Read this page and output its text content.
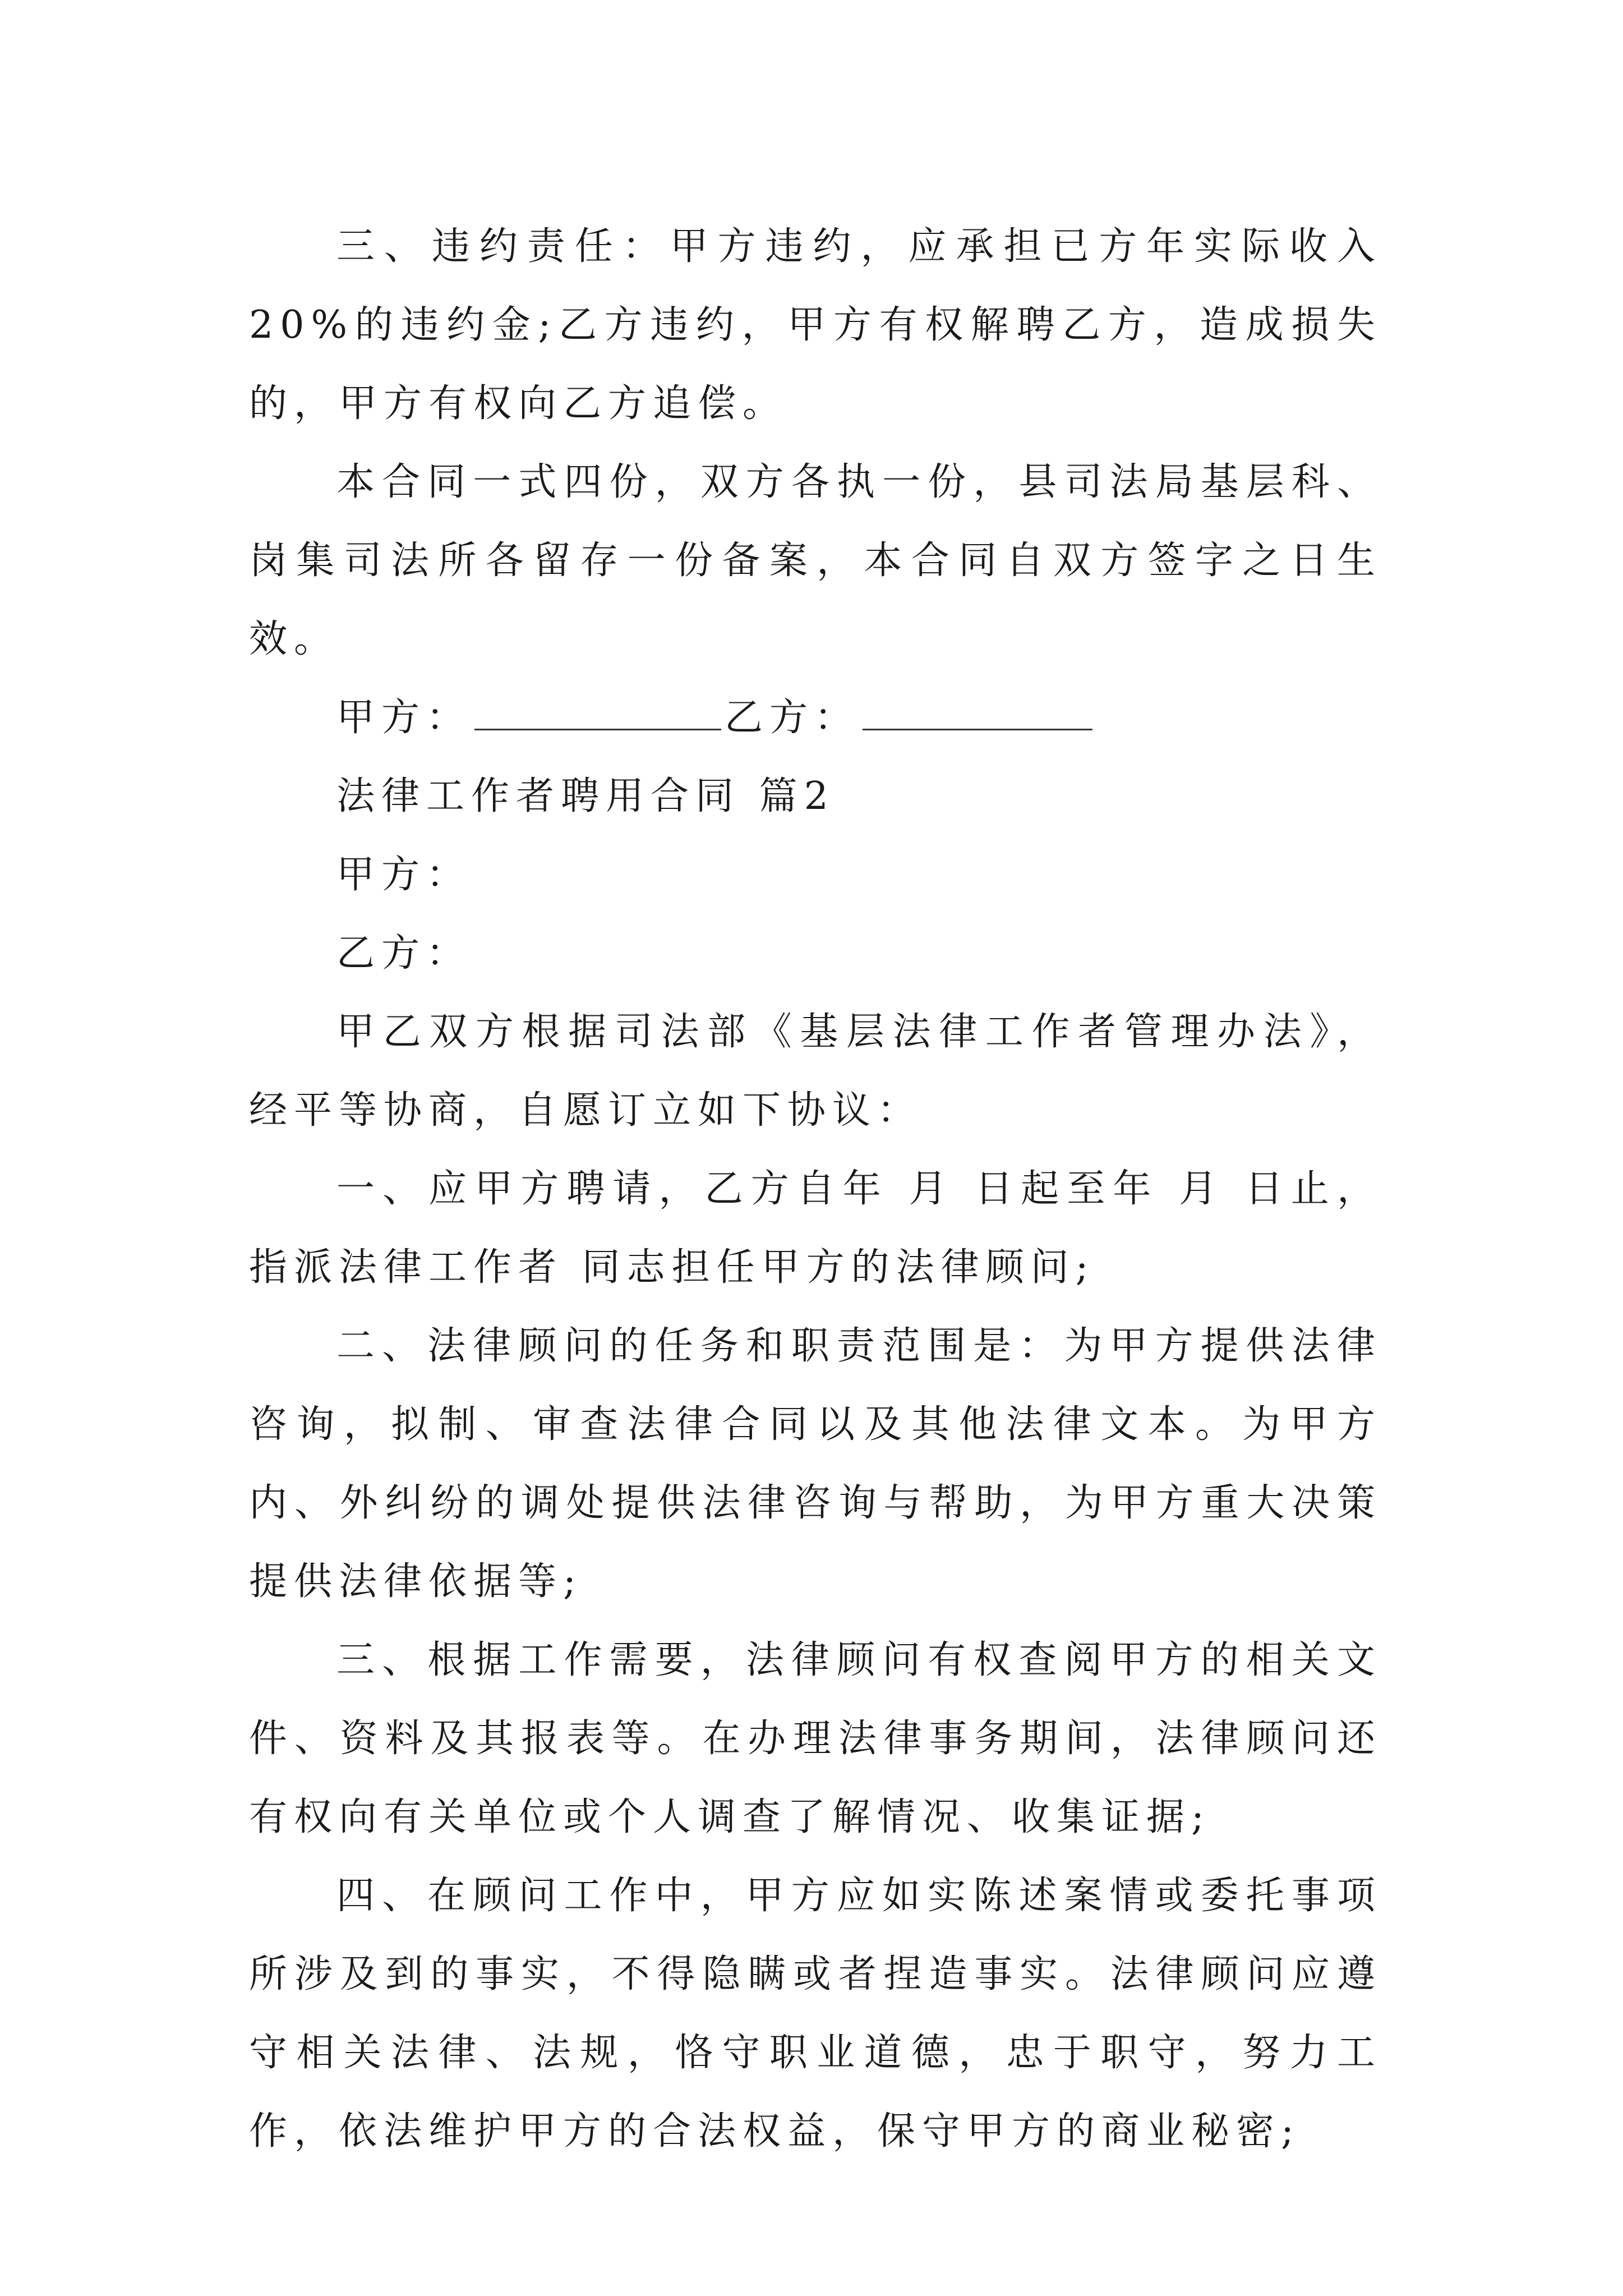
三、违约责任：甲方违约，应承担已方年实际收入20%的违约金;乙方违约，甲方有权解聘乙方，造成损失的，甲方有权向乙方追偿。

本合同一式四份，双方各执一份，县司法局基层科、岗集司法所各留存一份备案，本合同自双方签字之日生效。

甲方：	乙方：

法律工作者聘用合同 篇2

甲方：

乙方：

甲乙双方根据司法部《基层法律工作者管理办法》，经平等协商，自愿订立如下协议：

一、应甲方聘请，乙方自年 月 日起至年 月 日止，指派法律工作者 同志担任甲方的法律顾问;

二、法律顾问的任务和职责范围是：为甲方提供法律咨询，拟制、审查法律合同以及其他法律文本。为甲方内、外纠纷的调处提供法律咨询与帮助，为甲方重大决策提供法律依据等;

三、根据工作需要，法律顾问有权查阅甲方的相关文件、资料及其报表等。在办理法律事务期间，法律顾问还有权向有关单位或个人调查了解情况、收集证据;

四、在顾问工作中，甲方应如实陈述案情或委托事项所涉及到的事实，不得隐瞒或者捏造事实。法律顾问应遵守相关法律、法规，恪守职业道德，忠于职守，努力工作，依法维护甲方的合法权益，保守甲方的商业秘密;
